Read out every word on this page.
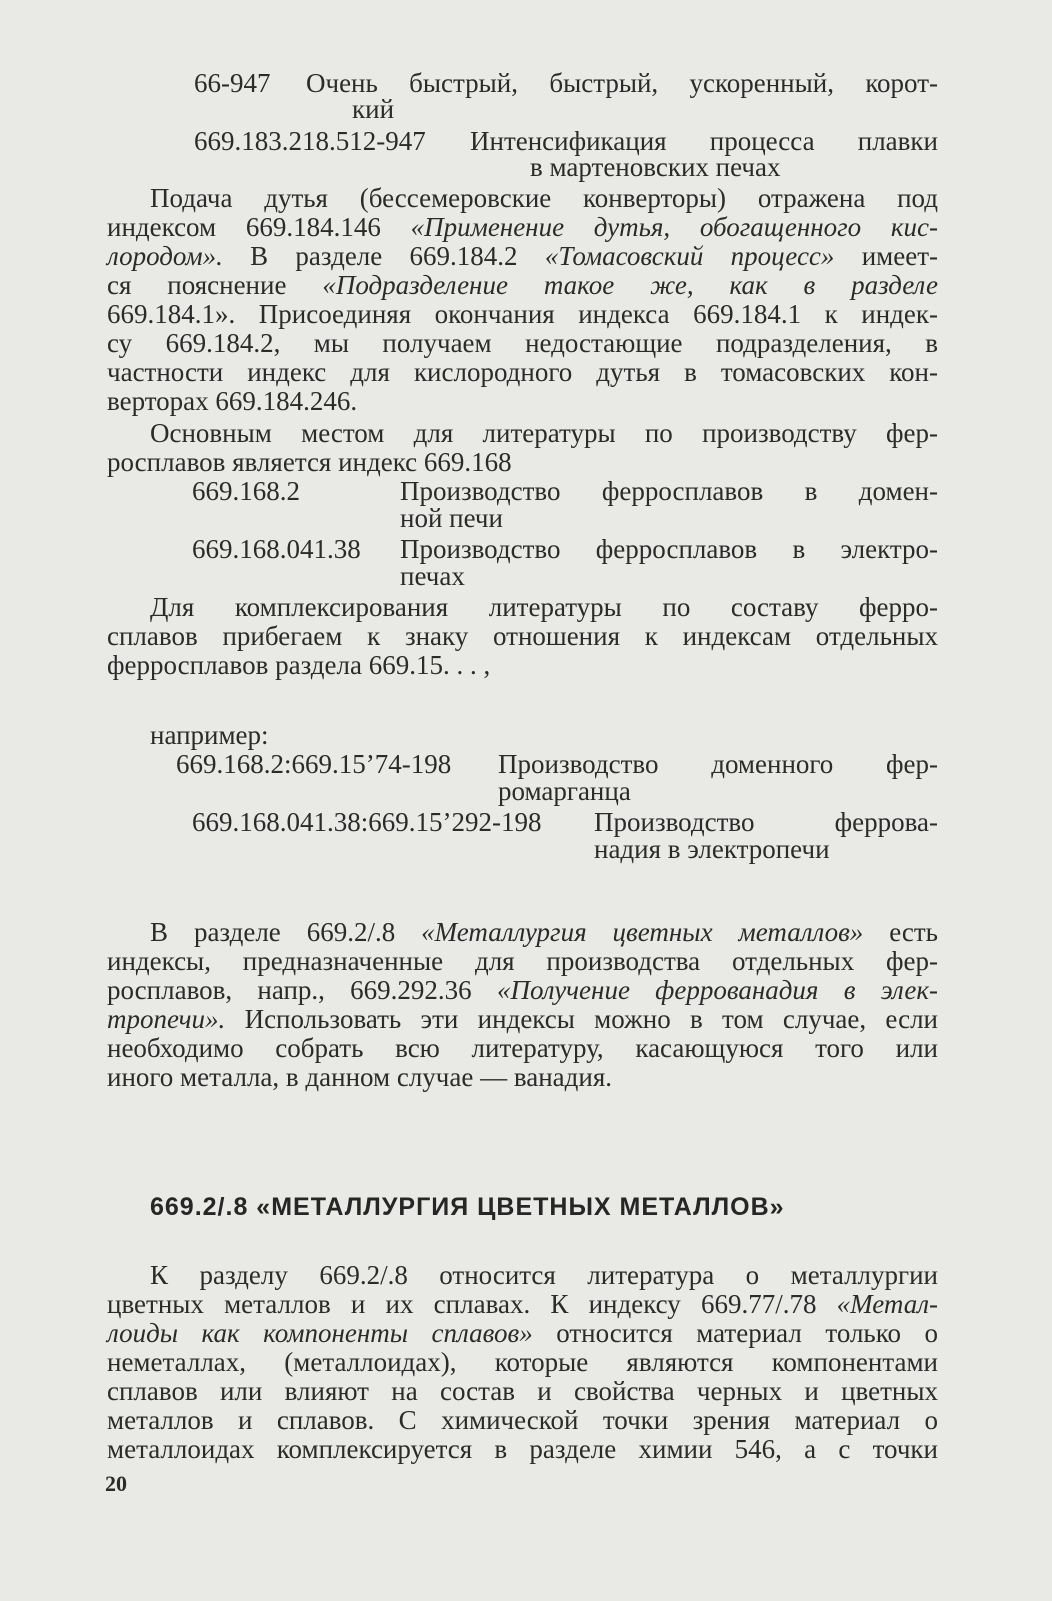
66-947 Очень быстрый, быстрый, ускоренный, корот-
кий
669.183.218.512-947 Интенсификация процесса плавки
в мартеновских печах
Подача дутья (бессемеровские конверторы) отражена под
индексом 669.184.146 «Применение дутья, обогащенного кис-
лородом». В разделе 669.184.2 «Томасовский процесс» имеет-
ся пояснение «Подразделение такое же, как в разделе
669.184.1». Присоединяя окончания индекса 669.184.1 к индек-
су 669.184.2, мы получаем недостающие подразделения, в
частности индекс для кислородного дутья в томасовских кон-
верторах 669.184.246.
Основным местом для литературы по производству фер-
росплавов является индекс 669.168
669.168.2	Производство ферросплавов в домен-
ной печи
669.168.041.38 Производство ферросплавов в электро-
печах
Для комплексирования литературы по составу ферро-
сплавов прибегаем к знаку отношения к индексам отдельных
ферросплавов раздела 669.15. . . ,
например:
669.168.2:669.15’74-198 Производство доменного фер-
ромарганца
669.168.041.38:669.15’292-198 Производство феррова-
надия в электропечи
В разделе 669.2/.8 «Металлургия цветных металлов» есть
индексы, предназначенные для производства отдельных фер-
росплавов, напр., 669.292.36 «Получение феррованадия в элек-
тропечи». Использовать эти индексы можно в том случае, если
необходимо собрать всю литературу, касающуюся того или
иного металла, в данном случае — ванадия.
669.2/.8 «МЕТАЛЛУРГИЯ ЦВЕТНЫХ МЕТАЛЛОВ»
К разделу 669.2/.8 относится литература о металлургии
цветных металлов и их сплавах. К индексу 669.77/.78 «Метал-
лоиды как компоненты сплавов» относится материал только о
неметаллах, (металлоидах), которые являются компонентами
сплавов или влияют на состав и свойства черных и цветных
металлов и сплавов. С химической точки зрения материал о
металлоидах комплексируется в разделе химии 546, а с точки
20
